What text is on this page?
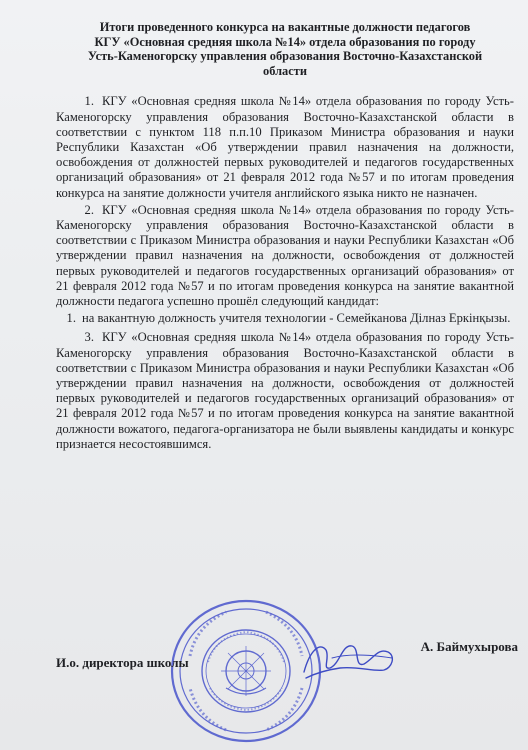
Итоги проведенного конкурса на вакантные должности педагогов
КГУ «Основная средняя школа №14» отдела образования по городу
Усть-Каменогорску управления образования Восточно-Казахстанской
области

1. КГУ «Основная средняя школа №14» отдела образования по городу Усть-Каменогорску управления образования Восточно-Казахстанской области в соответствии с пунктом 118 п.п.10 Приказом Министра образования и науки Республики Казахстан «Об утверждении правил назначения на должности, освобождения от должностей первых руководителей и педагогов государственных организаций образования» от 21 февраля 2012 года №57 и по итогам проведения конкурса на занятие должности учителя английского языка никто не назначен.

2. КГУ «Основная средняя школа №14» отдела образования по городу Усть-Каменогорску управления образования Восточно-Казахстанской области в соответствии с Приказом Министра образования и науки Республики Казахстан «Об утверждении правил назначения на должности, освобождения от должностей первых руководителей и педагогов государственных организаций образования» от 21 февраля 2012 года №57 и по итогам проведения конкурса на занятие вакантной должности педагога успешно прошёл следующий кандидат:

1. на вакантную должность учителя технологии - Семейканова Ділназ Еркінқызы.

3. КГУ «Основная средняя школа №14» отдела образования по городу Усть-Каменогорску управления образования Восточно-Казахстанской области в соответствии с Приказом Министра образования и науки Республики Казахстан «Об утверждении правил назначения на должности, освобождения от должностей первых руководителей и педагогов государственных организаций образования» от 21 февраля 2012 года №57 и по итогам проведения конкурса на занятие вакантной должности вожатого, педагога-организатора не были выявлены кандидаты и конкурс признается несостоявшимся.

И.о. директора школы
А. Баймухырова
